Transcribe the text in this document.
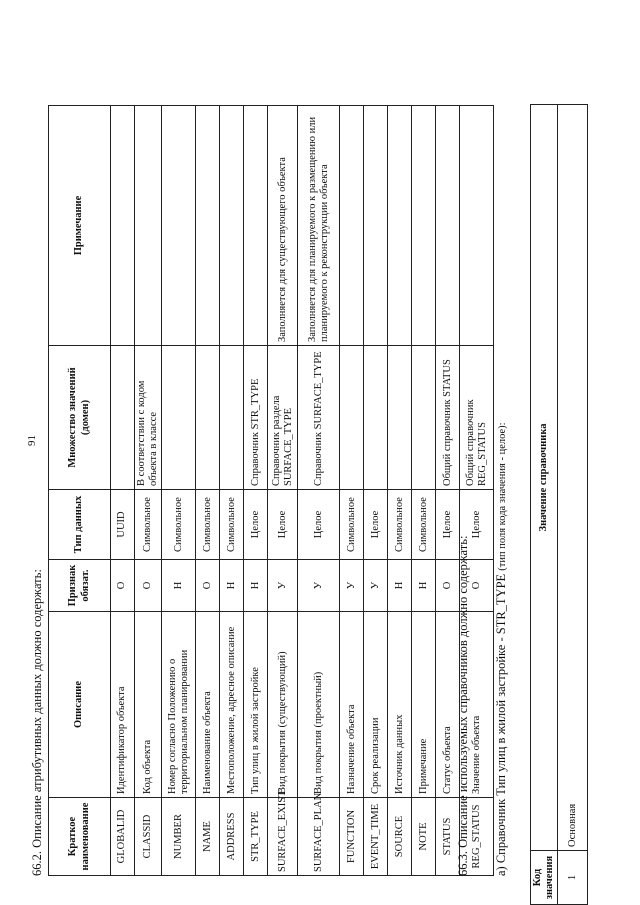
91
66.2. Описание атрибутивных данных должно содержать: Краткое наименование	Описание	Признак обязат.	Тип данных	Множество значений (домен)	Примечание
GLOBALID	Идентификатор объекта	О	UUID		
CLASSID	Код объекта	О	Символьное	В соответствии с кодом объекта в классе	
NUMBER	Номер согласно Положению о территориальном планировании	Н	Символьное		
NAME	Наименование объекта	О	Символьное		
ADDRESS	Местоположение, адресное описание	Н	Символьное		
STR_TYPE	Тип улиц в жилой застройке	Н	Целое	Справочник STR_TYPE	
SURFACE_EXIST	Вид покрытия (существующий)	У	Целое	Справочник раздела SURFACE_TYPE	Заполняется для существующего объекта
SURFACE_PLAN	Вид покрытия (проектный)	У	Целое	Справочник SURFACE_TYPE	Заполняется для планируемого к размещению или планируемого к реконструкции объекта
FUNCTION	Назначение объекта	У	Символьное		
EVENT_TIME	Срок реализации	У	Целое		
SOURCE	Источник данных	Н	Символьное		
NOTE	Примечание	Н	Символьное		
STATUS	Статус объекта	О	Целое	Общий справочник STATUS	
REG_STATUS	Значение объекта	О	Целое	Общий справочник REG_STATUS	
66.3. Описание используемых справочников должно содержать: а) Справочник Тип улиц в жилой застройке - STR_TYPE (тип поля кода значения - целое):
Код значения	Значение справочника
1	Основная
